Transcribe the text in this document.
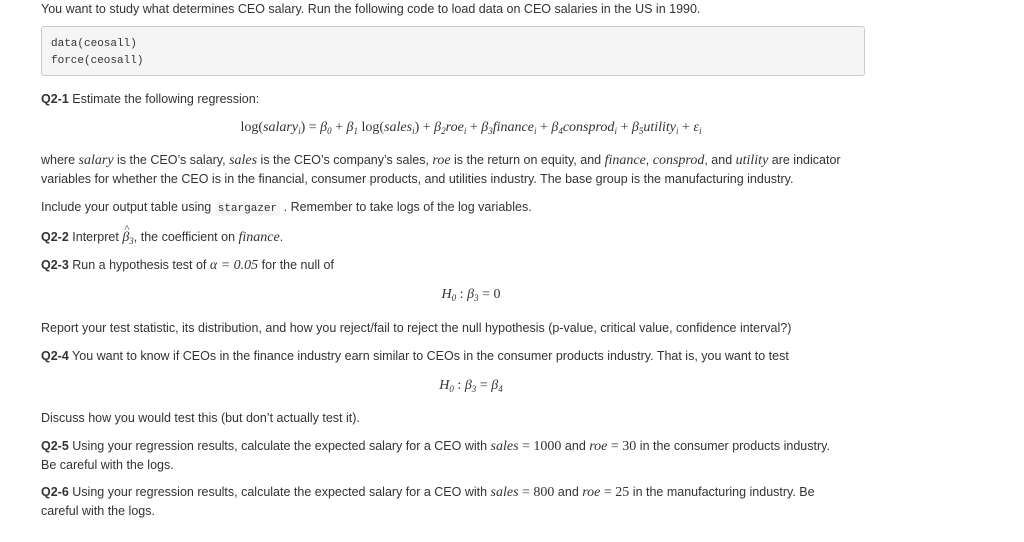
You want to study what determines CEO salary. Run the following code to load data on CEO salaries in the US in 1990.

data(ceosall)
force(ceosall)

Q2-1 Estimate the following regression:

log(salary$_i$) = $\beta_0 + \beta_1$ log(sales$_i$) + $\beta_2roe_i$ + $\beta_3finance_i$ + $\beta_4consprod_i$ + $\beta_5utility_i + \varepsilon_i$

where salary is the CEO’s salary, sales is the CEO’s company’s sales, roe is the return on equity, and finance, consprod, and utility are indicator variables for whether the CEO is in the financial, consumer products, and utilities industry. The base group is the manufacturing industry.

Include your output table using stargazer . Remember to take logs of the log variables.

Q2-2 Interpret ^ $\beta_3$, the coefficient on finance.

Q2-3 Run a hypothesis test of α = 0.05 for the null of

$H_0$ : $\beta_3 = 0$

Report your test statistic, its distribution, and how you reject/fail to reject the null hypothesis (p-value, critical value, confidence interval?)

Q2-4 You want to know if CEOs in the finance industry earn similar to CEOs in the consumer products industry. That is, you want to test

$H_0$ : $\beta_3 = \beta_4$

Discuss how you would test this (but don’t actually test it).

Q2-5 Using your regression results, calculate the expected salary for a CEO with sales = 1000 and roe = 30 in the consumer products industry.

Be careful with the logs.

Q2-6 Using your regression results, calculate the expected salary for a CEO with sales = 800 and roe = 25 in the manufacturing industry. Be

careful with the logs.
